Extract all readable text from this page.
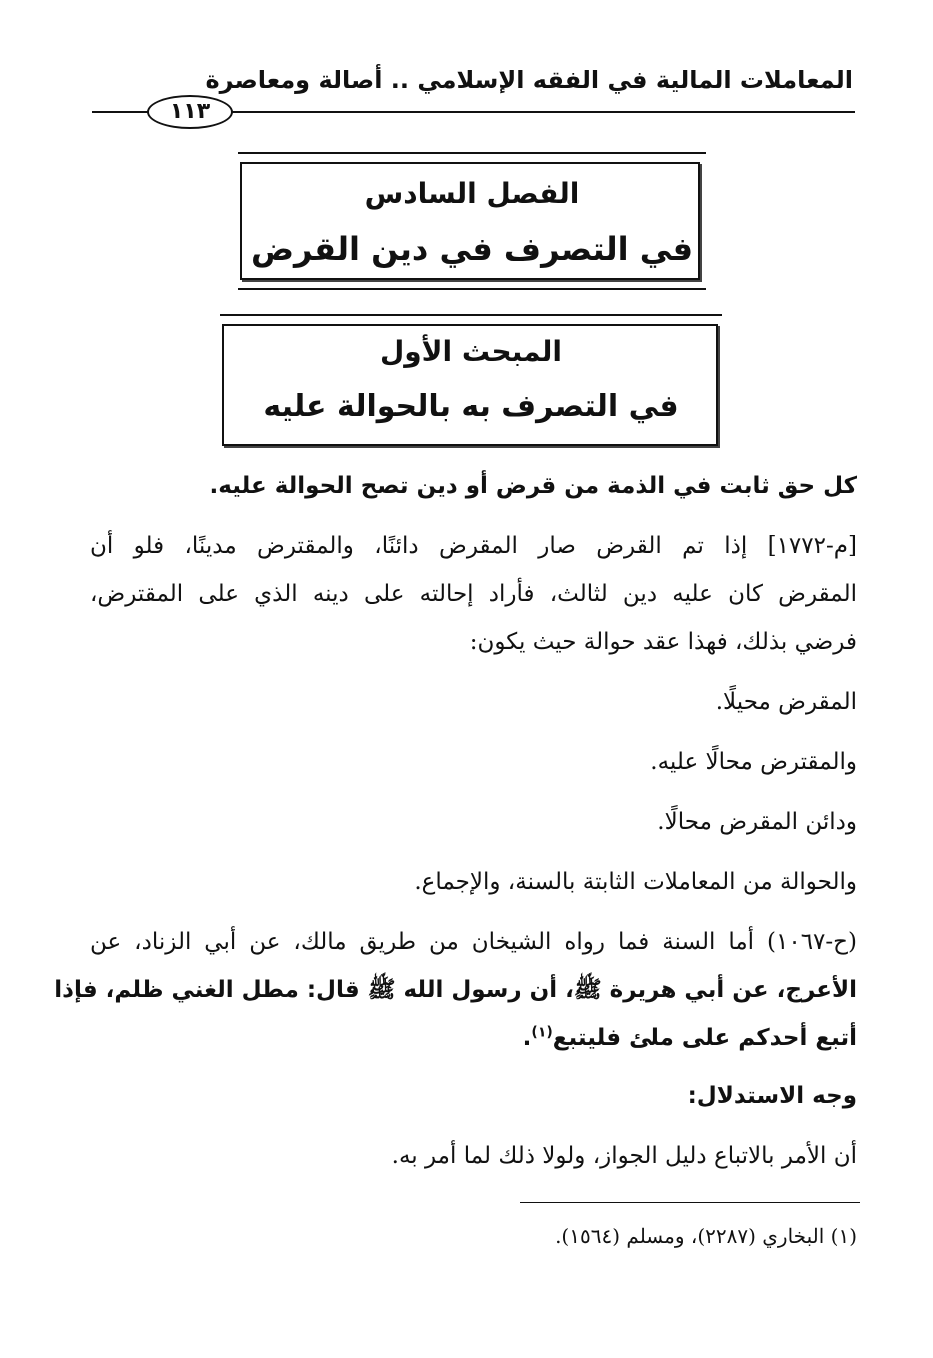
المعاملات المالية في الفقه الإسلامي .. أصالة ومعاصرة
١١٣
الفصل السادس
في التصرف في دين القرض
المبحث الأول
في التصرف به بالحوالة عليه
كل حق ثابت في الذمة من قرض أو دين تصح الحوالة عليه.
[م-١٧٧٢] إذا تم القرض صار المقرض دائنًا، والمقترض مدينًا، فلو أن
المقرض كان عليه دين لثالث، فأراد إحالته على دينه الذي على المقترض،
فرضي بذلك، فهذا عقد حوالة حيث يكون:
المقرض محيلًا.
والمقترض محالًا عليه.
ودائن المقرض محالًا.
والحوالة من المعاملات الثابتة بالسنة، والإجماع.
(ح-١٠٦٧) أما السنة فما رواه الشيخان من طريق مالك، عن أبي الزناد، عن
الأعرج، عن أبي هريرة ﷺ، أن رسول الله ﷺ قال: مطل الغني ظلم، فإذا
أتبع أحدكم على ملئ فليتبع$^{(١)}$.
وجه الاستدلال:
أن الأمر بالاتباع دليل الجواز، ولولا ذلك لما أمر به.
(١) البخاري (٢٢٨٧)، ومسلم (١٥٦٤).
